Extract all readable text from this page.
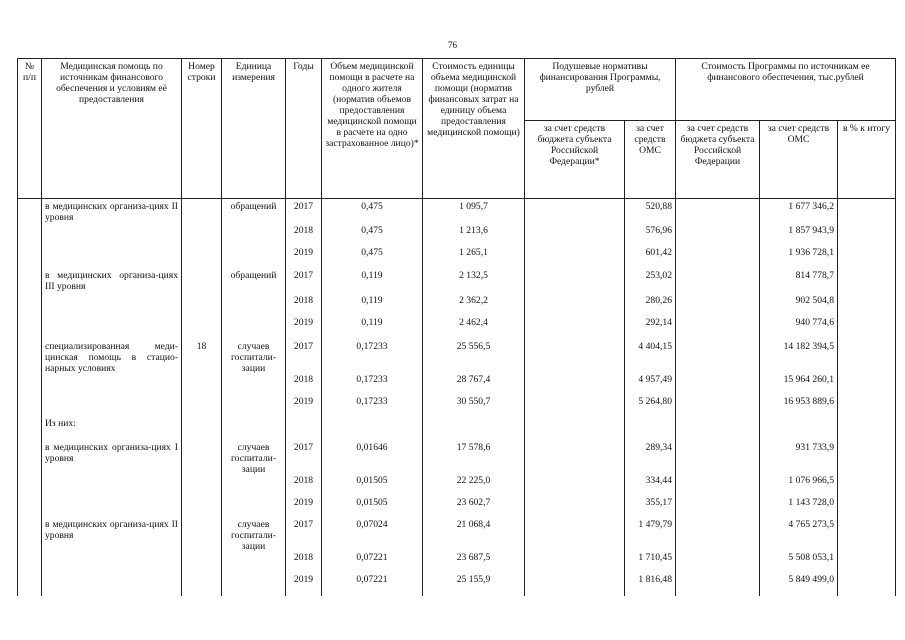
76
№ п/п	Медицинская помощь по источникам финансового обеспечения и условиям её предоставления	Номер строки	Единица измерения	Годы	Объем медицинской помощи в расчете на одного жителя (норматив объемов предоставления медицинской помощи в расчете на одно застрахованное лицо)*	Стоимость единицы объема медицинской помощи (норматив финансовых затрат на единицу объема предоставления медицинской помощи)	Подушевые нормативы финансирования Программы, рублей		Стоимость Программы по источникам ее финансового обеспечения, тыс.рублей		
							за счет средств бюджета субъекта Российской Федерации*	за счет средств ОМС	за счет средств бюджета субъекта Российской Федерации	за счет средств ОМС	в % к итогу
	в медицинских организа-циях II уровня		обращений	2017	0,475	1 095,7		520,88		1 677 346,2	
				2018	0,475	1 213,6		576,96		1 857 943,9	
				2019	0,475	1 265,1		601,42		1 936 728,1	
	в медицинских организа-циях III уровня		обращений	2017	0,119	2 132,5		253,02		814 778,7	
				2018	0,119	2 362,2		280,26		902 504,8	
				2019	0,119	2 462,4		292,14		940 774,6	
	специализированная меди-цинская помощь в стацио-нарных условиях	18	случаев госпитали-зации	2017	0,17233	25 556,5		4 404,15		14 182 394,5	
				2018	0,17233	28 767,4		4 957,49		15 964 260,1	
				2019	0,17233	30 550,7		5 264,80		16 953 889,6	
	Из них:										
	в медицинских организа-циях I уровня		случаев госпитали-зации	2017	0,01646	17 578,6		289,34		931 733,9	
				2018	0,01505	22 225,0		334,44		1 076 966,5	
				2019	0,01505	23 602,7		355,17		1 143 728,0	
	в медицинских организа-циях II уровня		случаев госпитали-зации	2017	0,07024	21 068,4		1 479,79		4 765 273,5	
				2018	0,07221	23 687,5		1 710,45		5 508 053,1	
				2019	0,07221	25 155,9		1 816,48		5 849 499,0	
